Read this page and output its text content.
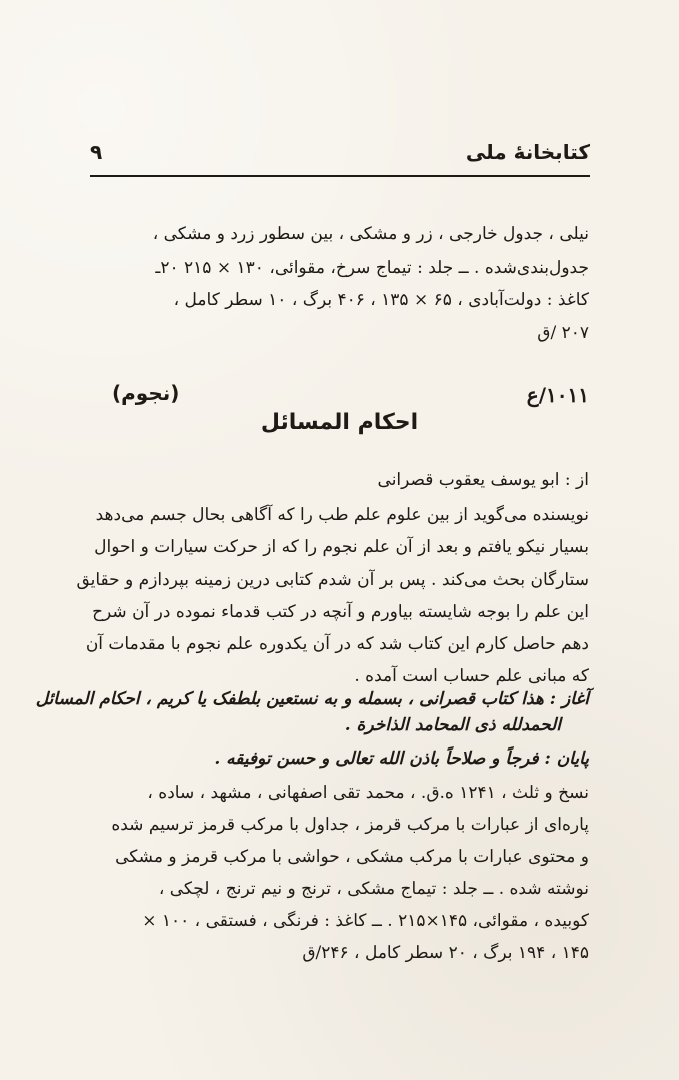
کتابخانهٔ ملی
۹
نیلی ، جدول خارجی ، زر و مشکی ، بین سطور زرد و مشکی ،
جدول‌بندی‌شده . ــ جلد : تیماج سرخ، مقوائی، ۱۳۰ × ۲۱۵ ۲۰ـ
کاغذ : دولت‌آبادی ، ۶۵ × ۱۳۵ ، ۴۰۶ برگ ، ۱۰ سطر کامل ،
۲۰۷ /ق
۱۰۱۱/ع
(نجوم)
احکام المسائل
از : ابو یوسف یعقوب قصرانی
نویسنده می‌گوید از بین علوم علم طب را که آگاهی بحال جسم می‌دهد
بسیار نیکو یافتم و بعد از آن علم نجوم را که از حرکت سیارات و احوال
ستارگان بحث می‌کند . پس بر آن شدم کتابی درین زمینه بپردازم و حقایق
این علم را بوجه شایسته بیاورم و آنچه در کتب قدماء نموده در آن شرح
دهم حاصل کارم این کتاب شد که در آن یکدوره علم نجوم با مقدمات آن
که مبانی علم حساب است آمده .
آغاز : هذا کتاب قصرانی ، بسمله و به نستعین بلطفک یا کریم ، احکام المسائل
الحمدلله ذی المحامد الذاخرة .
پایان : فرجاً و صلاحاً باذن الله تعالی و حسن توفیقه .
نسخ و ثلث ، ۱۲۴۱ ه.ق. ، محمد تقی اصفهانی ، مشهد ، ساده ،
پاره‌ای از عبارات با مرکب قرمز ، جداول با مرکب قرمز ترسیم شده
و محتوی عبارات با مرکب مشکی ، حواشی با مرکب قرمز و مشکی
نوشته شده . ــ جلد : تیماج مشکی ، ترنج و نیم ترنج ، لچکی ،
کوبیده ، مقوائی، ۱۴۵×۲۱۵ . ــ کاغذ : فرنگی ، فستقی ، ۱۰۰ ×
۱۴۵ ، ۱۹۴ برگ ، ۲۰ سطر کامل ، ۲۴۶/ق
